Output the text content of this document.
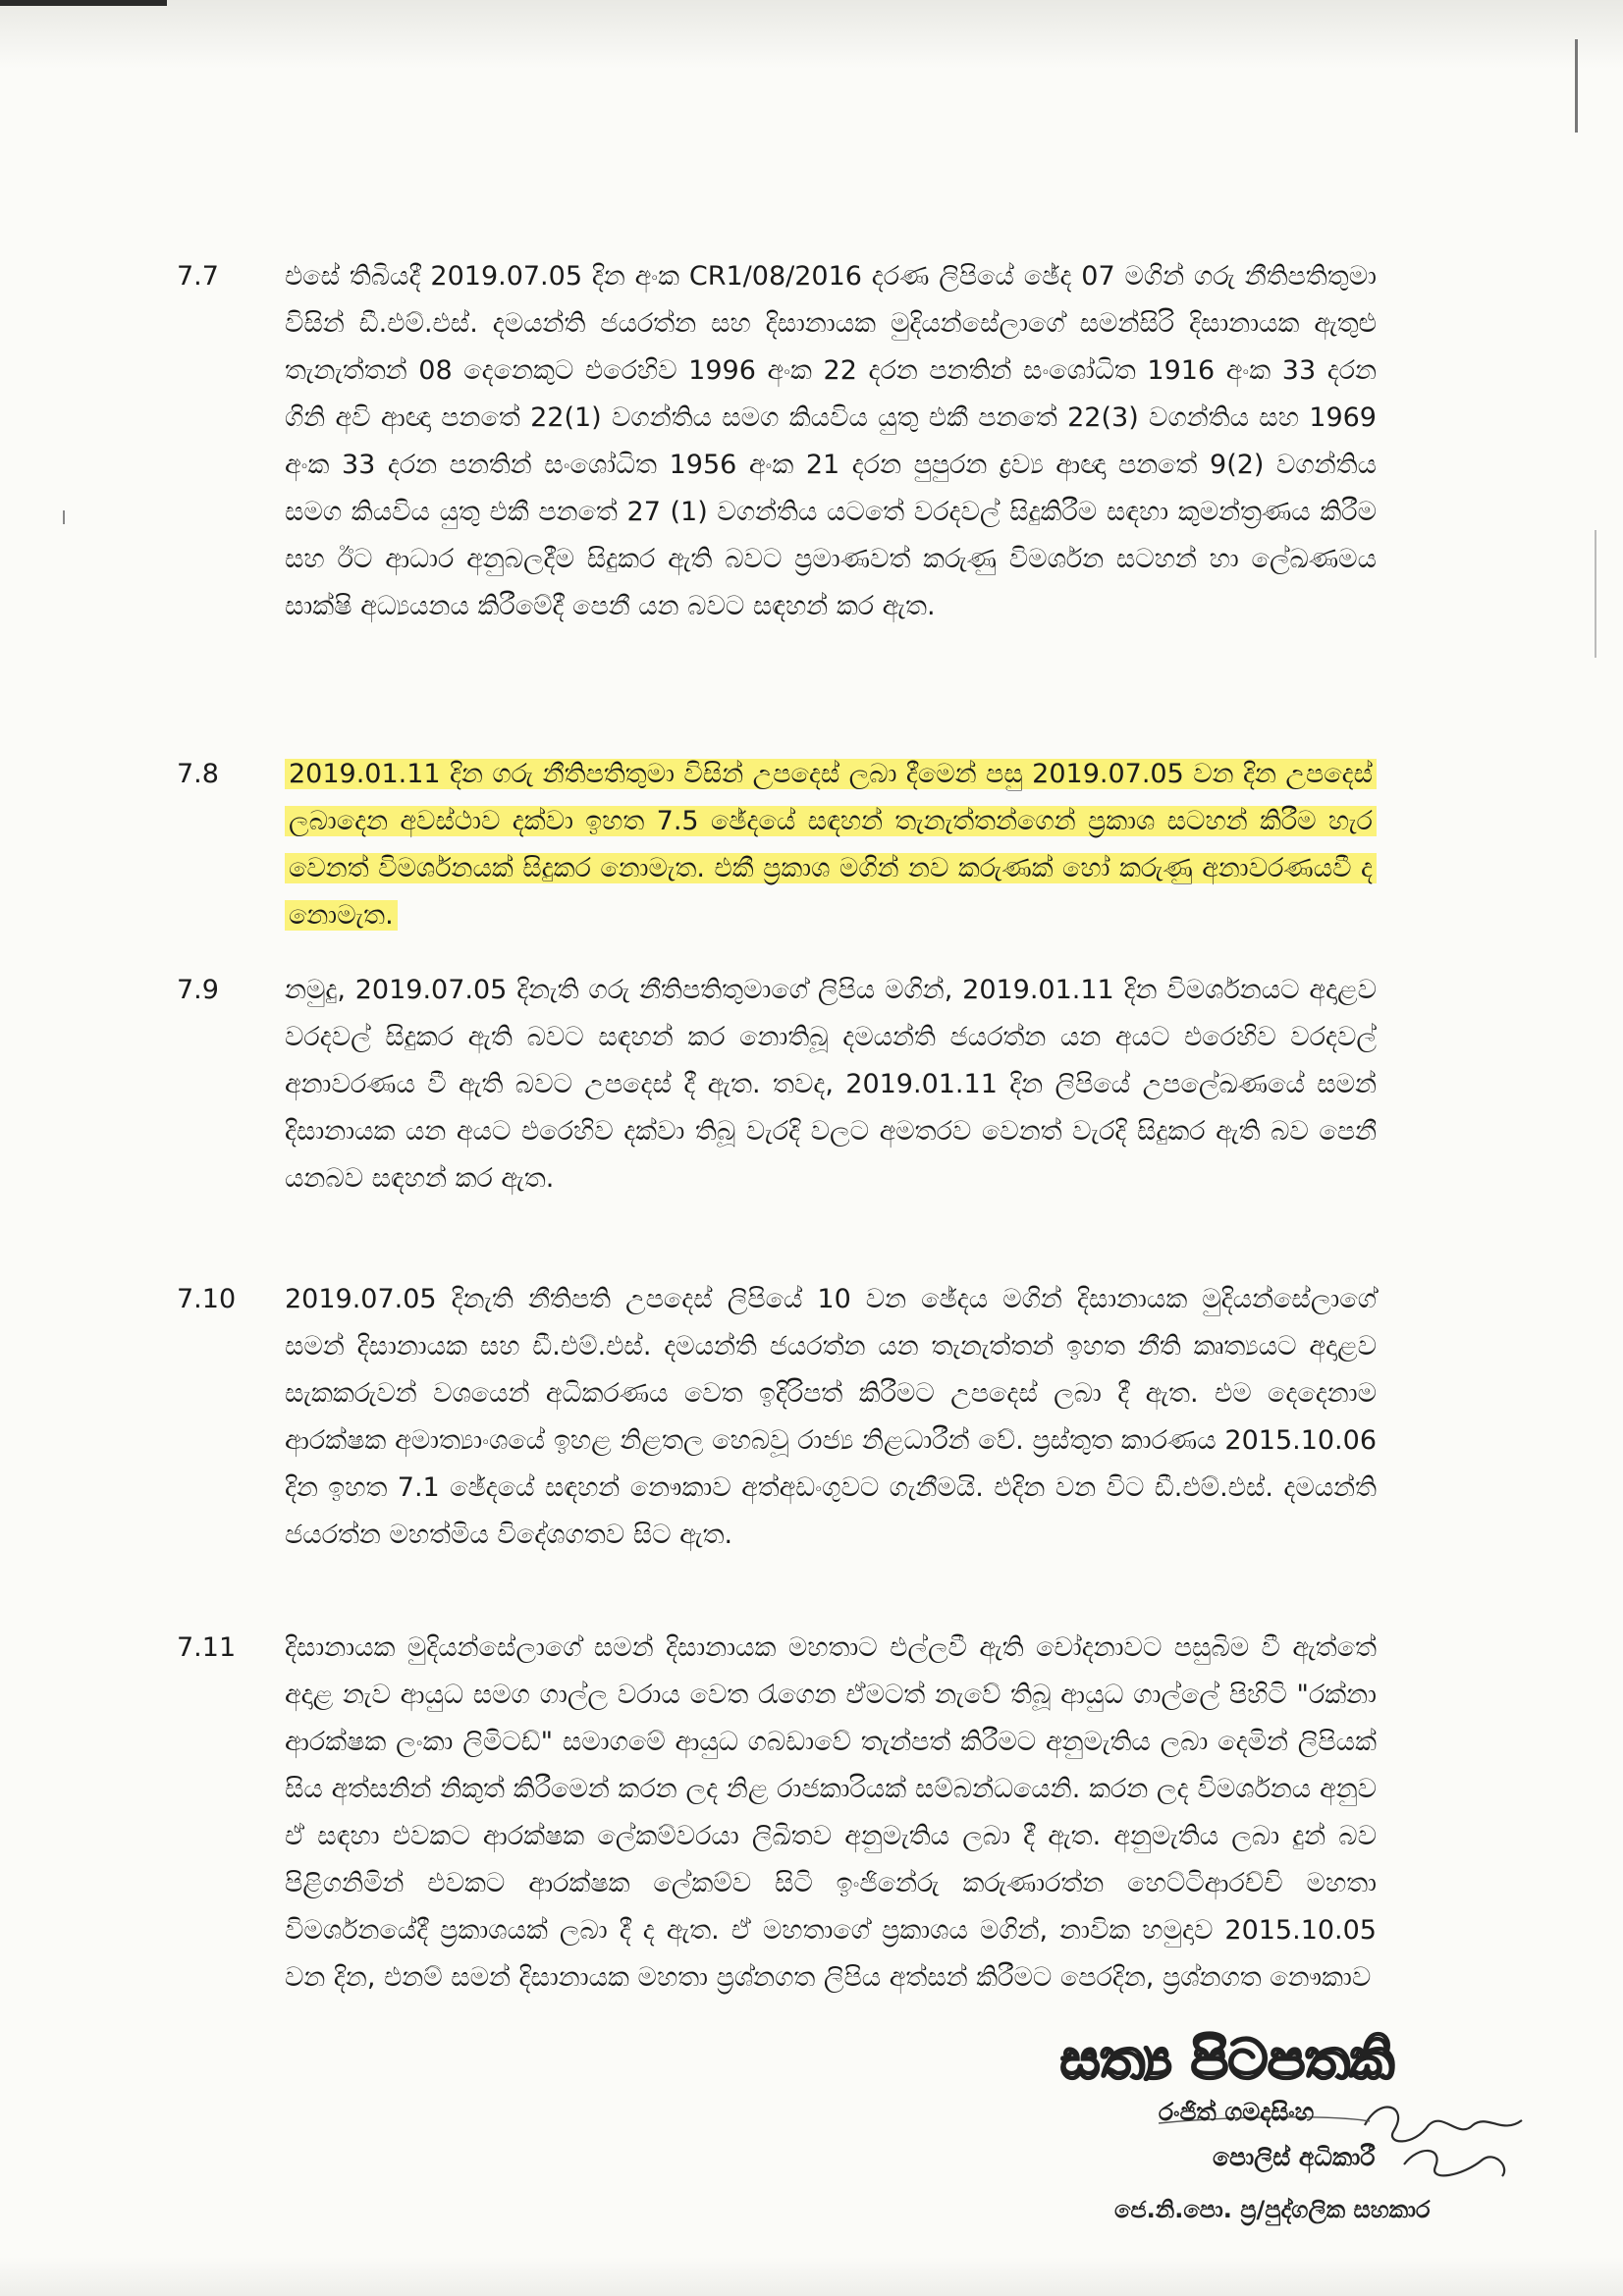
7.7	එසේ තිබියදී 2019.07.05 දින අංක CR1/08/2016 දරණ ලිපියේ ඡේද 07 මගින් ගරු නීතිපතිතුමා විසින් ඩී.එම්.එස්. දමයන්ති ජයරත්න සහ දිසානායක මුදියන්සේලාගේ සමන්සිරි දිසානායක ඇතුළු තැනැත්තන් 08 දෙනෙකුට එරෙහිව 1996 අංක 22 දරන පනතින් සංශෝධිත 1916 අංක 33 දරන ගිනි අවි ආඥා පනතේ 22(1) වගන්තිය සමග කියවිය යුතු එකී පනතේ 22(3) වගන්තිය සහ 1969 අංක 33 දරන පනතින් සංශෝධිත 1956 අංක 21 දරන පුපුරන ද්‍රව්‍ය ආඥා පනතේ 9(2) වගන්තිය සමග කියවිය යුතු එකී පනතේ 27 (1) වගන්තිය යටතේ වරදවල් සිදුකිරීම සඳහා කුමන්ත්‍රණය කිරීම සහ ඊට ආධාර අනුබලදීම සිදුකර ඇති බවට ප්‍රමාණවත් කරුණු විමර්ශන සටහන් හා ලේඛණමය සාක්ෂි අධ්‍යයනය කිරීමේදී පෙනී යන බවට සඳහන් කර ඇත.
7.8	2019.01.11 දින ගරු නීතිපතිතුමා විසින් උපදෙස් ලබා දීමෙන් පසු 2019.07.05 වන දින උපදෙස් ලබාදෙන අවස්ථාව දක්වා ඉහත 7.5 ඡේදයේ සඳහන් තැනැත්තන්ගෙන් ප්‍රකාශ සටහන් කිරීම හැර වෙනත් විමර්ශනයක් සිදුකර නොමැත. එකී ප්‍රකාශ මගින් නව කරුණක් හෝ කරුණු අනාවරණයවී ද නොමැත.
7.9	නමුදු, 2019.07.05 දිනැති ගරු නීතිපතිතුමාගේ ලිපිය මගින්, 2019.01.11 දින විමර්ශනයට අදාළව වරදවල් සිදුකර ඇති බවට සඳහන් කර නොතිබූ දමයන්ති ජයරත්න යන අයට එරෙහිව වරදවල් අනාවරණය වී ඇති බවට උපදෙස් දී ඇත. තවද, 2019.01.11 දින ලිපියේ උපලේඛණයේ සමන් දිසානායක යන අයට එරෙහිව දක්වා තිබූ වැරදි වලට අමතරව වෙනත් වැරදි සිදුකර ඇති බව පෙනී යනබව සඳහන් කර ඇත.
7.10	2019.07.05 දිනැති නීතිපති උපදෙස් ලිපියේ 10 වන ඡේදය මගින් දිසානායක මුදියන්සේලාගේ සමන් දිසානායක සහ ඩී.එම්.එස්. දමයන්ති ජයරත්න යන තැනැත්තන් ඉහත නීති කෘත්‍යයට අදාළව සැකකරුවන් වශයෙන් අධිකරණය වෙත ඉදිරිපත් කිරීමට උපදෙස් ලබා දී ඇත. එම දෙදෙනාම ආරක්ෂක අමාත්‍යාංශයේ ඉහළ නිළතල හෙබවූ රාජ්‍ය නිළධාරීන් වේ. ප්‍රස්තුත කාරණය 2015.10.06 දින ඉහත 7.1 ඡේදයේ සඳහන් නෞකාව අත්අඩංගුවට ගැනීමයි. එදින වන විට ඩී.එම්.එස්. දමයන්ති ජයරත්න මහත්මිය විදේශගතව සිට ඇත.
7.11	දිසානායක මුදියන්සේලාගේ සමන් දිසානායක මහතාට එල්ලවී ඇති චෝදනාවට පසුබිම වී ඇත්තේ අදාළ නැව ආයුධ සමග ගාල්ල වරාය වෙත රැගෙන ඒමටත් නැවේ තිබූ ආයුධ ගාල්ලේ පිහිටි "රක්නා ආරක්ෂක ලංකා ලිමිටඩ්" සමාගමේ ආයුධ ගබඩාවේ තැන්පත් කිරීමට අනුමැතිය ලබා දෙමින් ලිපියක් සිය අත්සනින් නිකුත් කිරීමෙන් කරන ලද නිළ රාජකාරියක් සම්බන්ධයෙනි. කරන ලද විමර්ශනය අනුව ඒ සඳහා එවකට ආරක්ෂක ලේකම්වරයා ලිඛිතව අනුමැතිය ලබා දී ඇත. අනුමැතිය ලබා දුන් බව පිළිගනිමින් එවකට ආරක්ෂක ලේකම්ව සිටි ඉංජිනේරු කරුණාරත්න හෙට්ටිආරච්චි මහතා විමර්ශනයේදී ප්‍රකාශයක් ලබා දී ද ඇත. ඒ මහතාගේ ප්‍රකාශය මගින්, නාවික හමුදාව 2015.10.05 වන දින, එනම් සමන් දිසානායක මහතා ප්‍රශ්නගත ලිපිය අත්සන් කිරීමට පෙරදින, ප්‍රශ්නගත නෞකාව
සත්‍ය පිටපතකි
රංජිත් ගමදසිංහ
පොලිස් අධිකාරී
ජෙ.නි.පො. ප්‍ර/පුද්ගලික සහකාර
